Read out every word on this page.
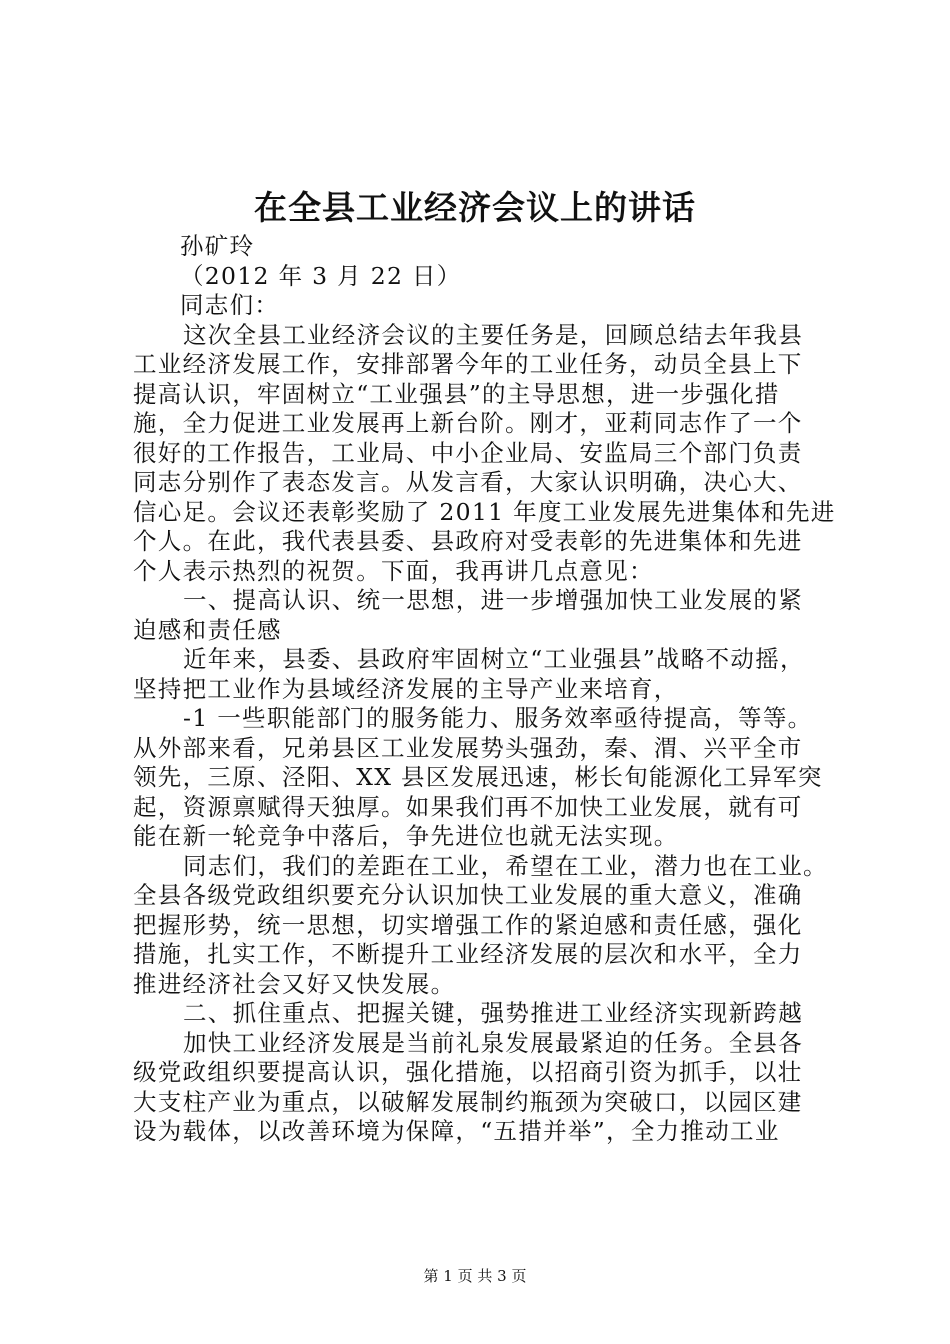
在全县工业经济会议上的讲话

孙矿玲

（2012 年 3 月 22 日）

同志们：

这次全县工业经济会议的主要任务是，回顾总结去年我县

工业经济发展工作，安排部署今年的工业任务，动员全县上下

提高认识，牢固树立“工业强县”的主导思想，进一步强化措

施，全力促进工业发展再上新台阶。刚才，亚莉同志作了一个

很好的工作报告，工业局、中小企业局、安监局三个部门负责

同志分别作了表态发言。从发言看，大家认识明确，决心大、

信心足。会议还表彰奖励了 2011 年度工业发展先进集体和先进

个人。在此，我代表县委、县政府对受表彰的先进集体和先进

个人表示热烈的祝贺。下面，我再讲几点意见：

一、提高认识、统一思想，进一步增强加快工业发展的紧

迫感和责任感

近年来，县委、县政府牢固树立“工业强县”战略不动摇，

坚持把工业作为县域经济发展的主导产业来培育，

-1 一些职能部门的服务能力、服务效率亟待提高，等等。

从外部来看，兄弟县区工业发展势头强劲，秦、渭、兴平全市

领先，三原、泾阳、XX 县区发展迅速，彬长旬能源化工异军突

起，资源禀赋得天独厚。如果我们再不加快工业发展，就有可

能在新一轮竞争中落后，争先进位也就无法实现。

同志们，我们的差距在工业，希望在工业，潜力也在工业。

全县各级党政组织要充分认识加快工业发展的重大意义，准确

把握形势，统一思想，切实增强工作的紧迫感和责任感，强化

措施，扎实工作，不断提升工业经济发展的层次和水平，全力

推进经济社会又好又快发展。

二、抓住重点、把握关键，强势推进工业经济实现新跨越

加快工业经济发展是当前礼泉发展最紧迫的任务。全县各

级党政组织要提高认识，强化措施，以招商引资为抓手，以壮

大支柱产业为重点，以破解发展制约瓶颈为突破口，以园区建

设为载体，以改善环境为保障，“五措并举”，全力推动工业

第 1 页 共 3 页
